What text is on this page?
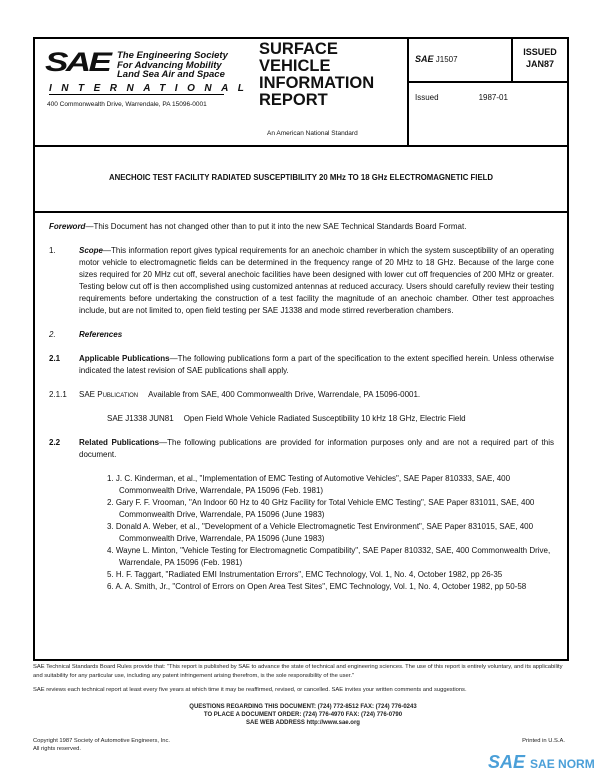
SAE The Engineering Society
For Advancing Mobility
Land Sea Air and Space
INTERNATIONAL
400 Commonwealth Drive, Warrendale, PA 15096-0001
SURFACE
VEHICLE
INFORMATION
REPORT
An American National Standard
SAE J1507
Issued	1987-01
ISSUED
JAN87
ANECHOIC TEST FACILITY RADIATED SUSCEPTIBILITY 20 MHz TO 18 GHz ELECTROMAGNETIC FIELD

Foreword—This Document has not changed other than to put it into the new SAE Technical Standards Board Format.

1.	Scope—This information report gives typical requirements for an anechoic chamber in which the system susceptibility of an operating motor vehicle to electromagnetic fields can be determined in the frequency range of 20 MHz to 18 GHz. Because of the large cone sizes required for 20 MHz cut off, several anechoic facilities have been designed with lower cut off frequencies of 200 MHz or greater. Testing below cut off is then accomplished using customized antennas at reduced accuracy. Users should carefully review their testing requirements before undertaking the construction of a test facility the magnitude of an anechoic chamber. Other test approaches include, but are not limited to, open field testing per SAE J1338 and mode stirred reverberation chambers.

2.	References

2.1 Applicable Publications—The following publications form a part of the specification to the extent specified herein. Unless otherwise indicated the latest revision of SAE publications shall apply.

2.1.1 SAE Publication Available from SAE, 400 Commonwealth Drive, Warrendale, PA 15096-0001.

SAE J1338 JUN81 Open Field Whole Vehicle Radiated Susceptibility 10 kHz 18 GHz, Electric Field

2.2 Related Publications—The following publications are provided for information purposes only and are not a required part of this document.

1. J. C. Kinderman, et al., "Implementation of EMC Testing of Automotive Vehicles", SAE Paper 810333, SAE, 400 Commonwealth Drive, Warrendale, PA 15096 (Feb. 1981)
2. Gary F. F. Vrooman, "An Indoor 60 Hz to 40 GHz Facility for Total Vehicle EMC Testing", SAE Paper 831011, SAE, 400 Commonwealth Drive, Warrendale, PA 15096 (June 1983)
3. Donald A. Weber, et al., "Development of a Vehicle Electromagnetic Test Environment", SAE Paper 831015, SAE, 400 Commonwealth Drive, Warrendale, PA 15096 (June 1983)
4. Wayne L. Minton, "Vehicle Testing for Electromagnetic Compatibility", SAE Paper 810332, SAE, 400 Commonwealth Drive, Warrendale, PA 15096 (Feb. 1981)
5. H. F. Taggart, "Radiated EMI Instrumentation Errors", EMC Technology, Vol. 1, No. 4, October 1982, pp 26-35
6. A. A. Smith, Jr., "Control of Errors on Open Area Test Sites", EMC Technology, Vol. 1, No. 4, October 1982, pp 50-58
SAE Technical Standards Board Rules provide that: "This report is published by SAE to advance the state of technical and engineering sciences. The use of this report is entirely voluntary, and its applicability and suitability for any particular use, including any patent infringement arising therefrom, is the sole responsibility of the user."
SAE reviews each technical report at least every five years at which time it may be reaffirmed, revised, or cancelled. SAE invites your written comments and suggestions.
QUESTIONS REGARDING THIS DOCUMENT: (724) 772-8512 FAX: (724) 776-0243
TO PLACE A DOCUMENT ORDER: (724) 776-4970 FAX: (724) 776-0790
SAE WEB ADDRESS http://www.sae.org
Copyright 1987 Society of Automotive Engineers, Inc.
All rights reserved.
Printed in U.S.A.
SAE SAE NORM
